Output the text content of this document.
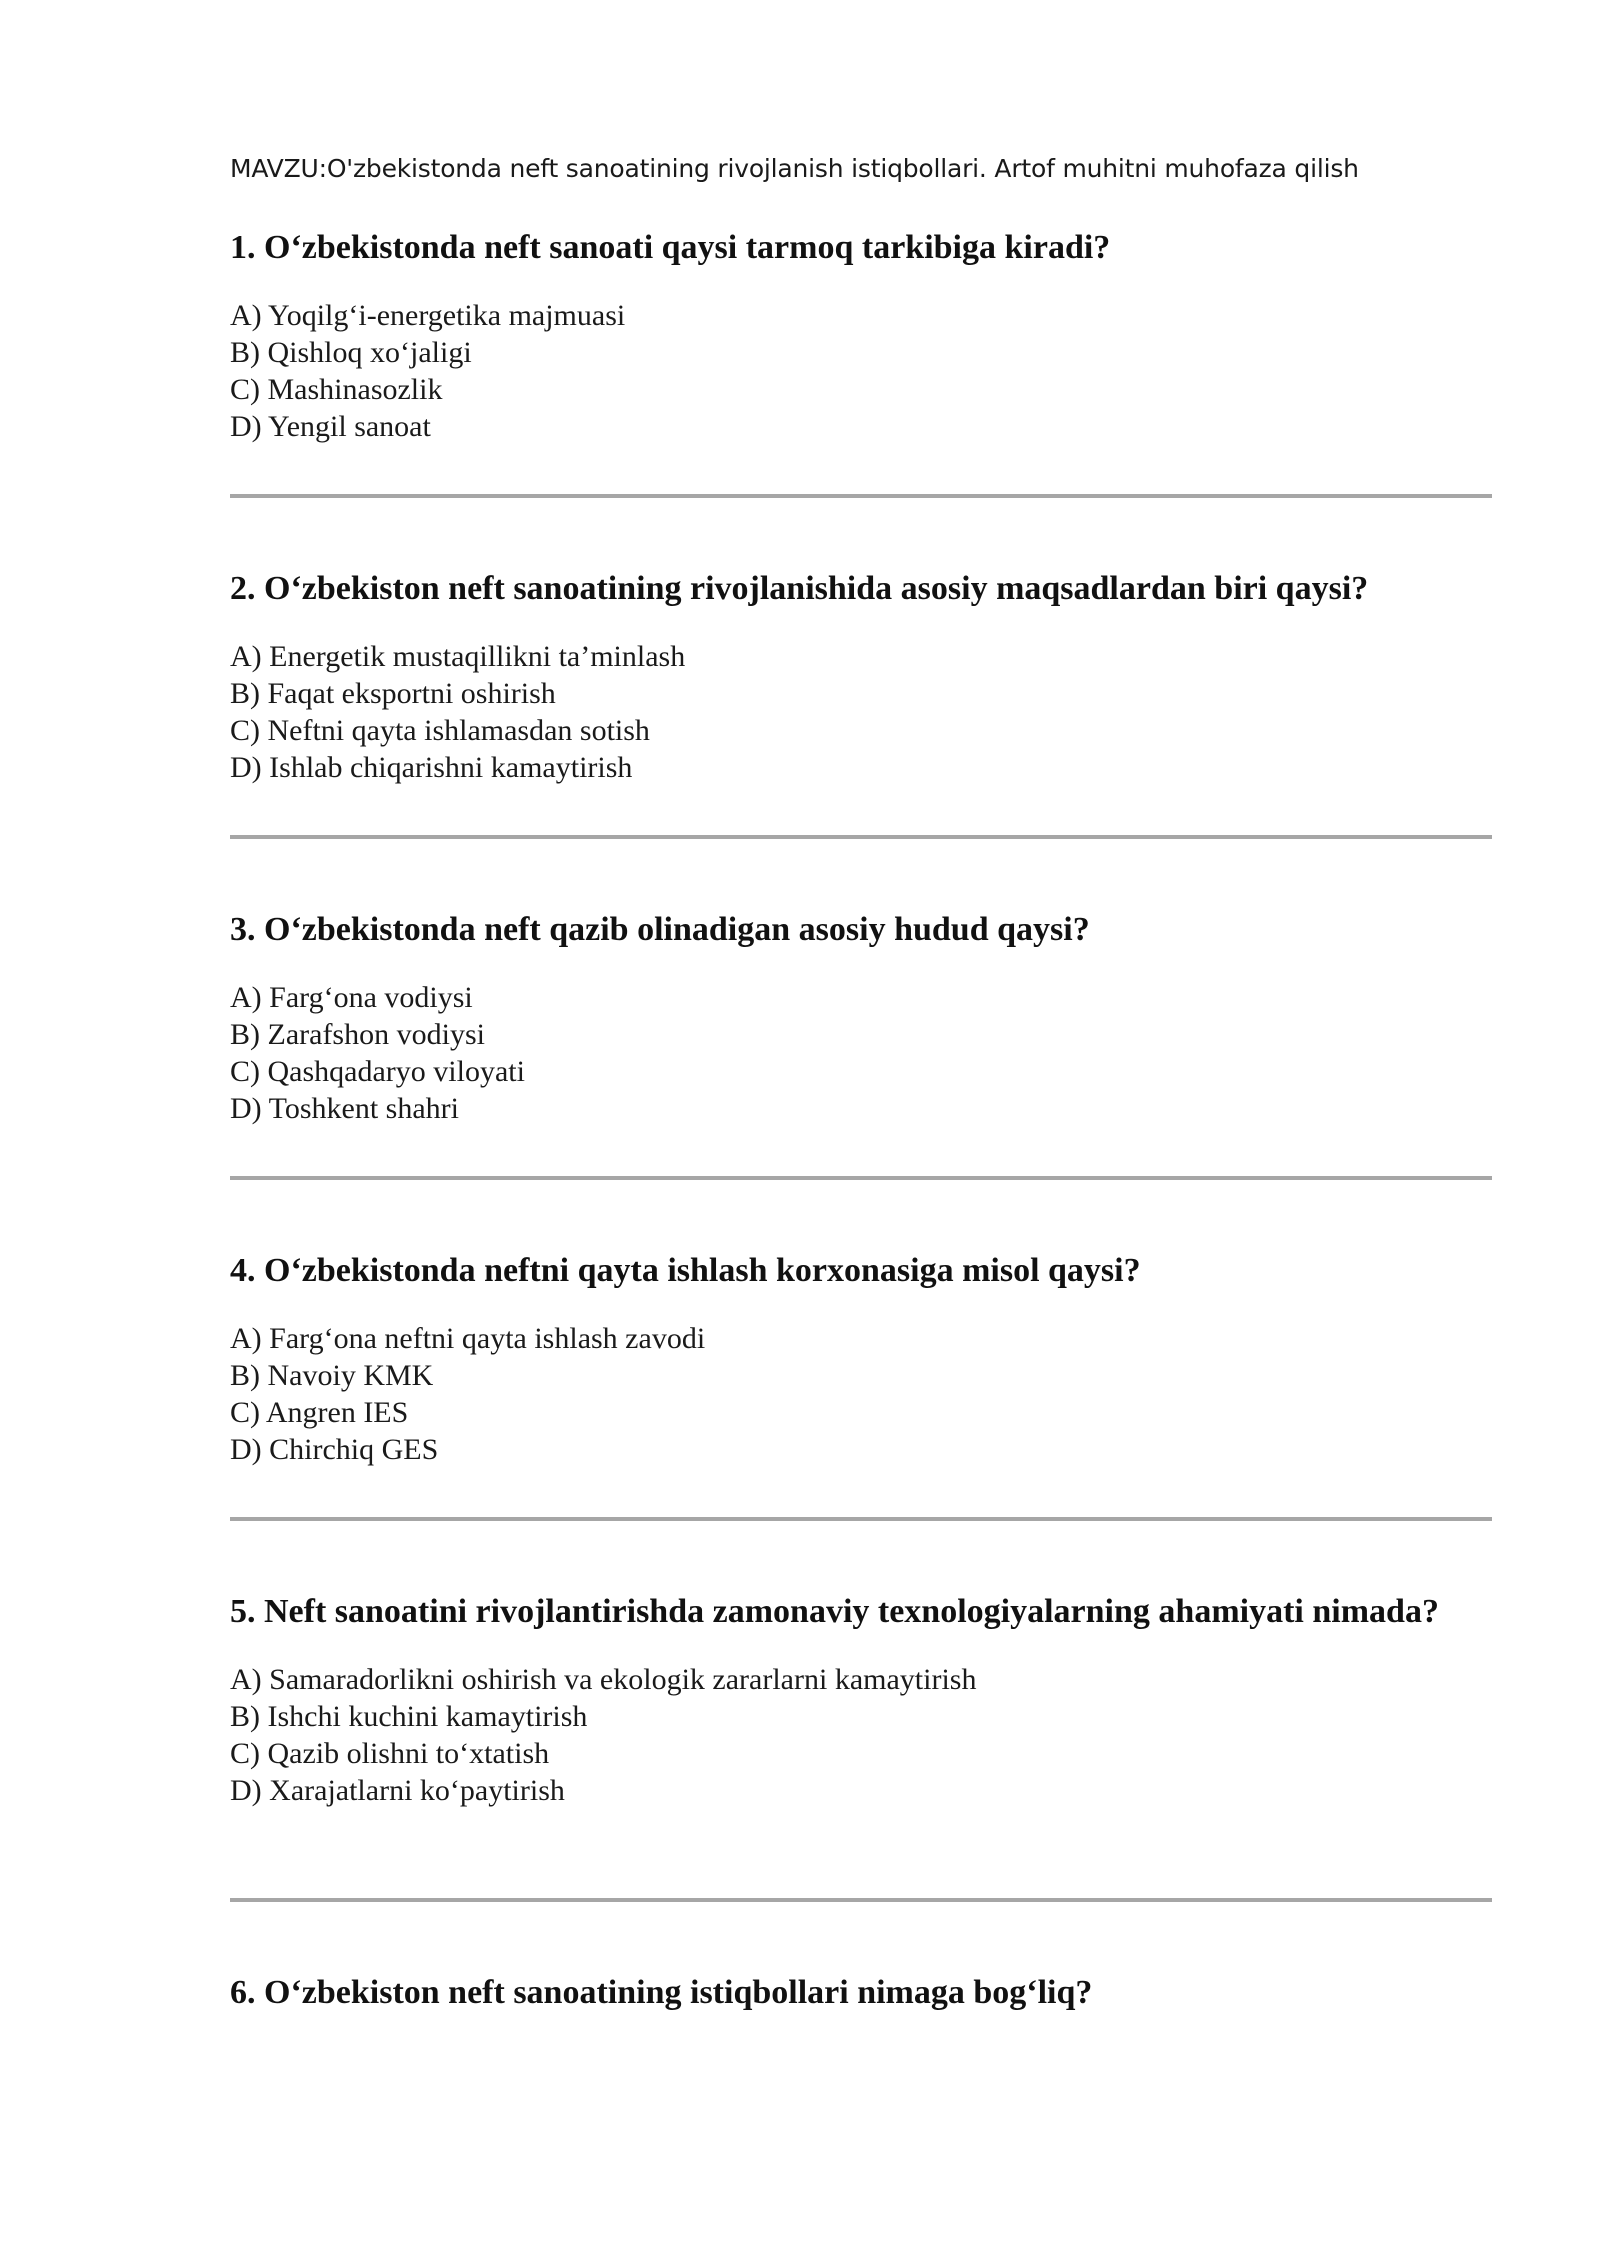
MAVZU:O'zbekistonda neft sanoatining rivojlanish istiqbollari. Artof muhitni muhofaza qilish
1. O‘zbekistonda neft sanoati qaysi tarmoq tarkibiga kiradi?
A) Yoqilg‘i-energetika majmuasi
B) Qishloq xo‘jaligi
C) Mashinasozlik
D) Yengil sanoat
2. O‘zbekiston neft sanoatining rivojlanishida asosiy maqsadlardan biri qaysi?
A) Energetik mustaqillikni ta’minlash
B) Faqat eksportni oshirish
C) Neftni qayta ishlamasdan sotish
D) Ishlab chiqarishni kamaytirish
3. O‘zbekistonda neft qazib olinadigan asosiy hudud qaysi?
A) Farg‘ona vodiysi
B) Zarafshon vodiysi
C) Qashqadaryo viloyati
D) Toshkent shahri
4. O‘zbekistonda neftni qayta ishlash korxonasiga misol qaysi?
A) Farg‘ona neftni qayta ishlash zavodi
B) Navoiy KMK
C) Angren IES
D) Chirchiq GES
5. Neft sanoatini rivojlantirishda zamonaviy texnologiyalarning ahamiyati nimada?
A) Samaradorlikni oshirish va ekologik zararlarni kamaytirish
B) Ishchi kuchini kamaytirish
C) Qazib olishni to‘xtatish
D) Xarajatlarni ko‘paytirish
6. O‘zbekiston neft sanoatining istiqbollari nimaga bog‘liq?
